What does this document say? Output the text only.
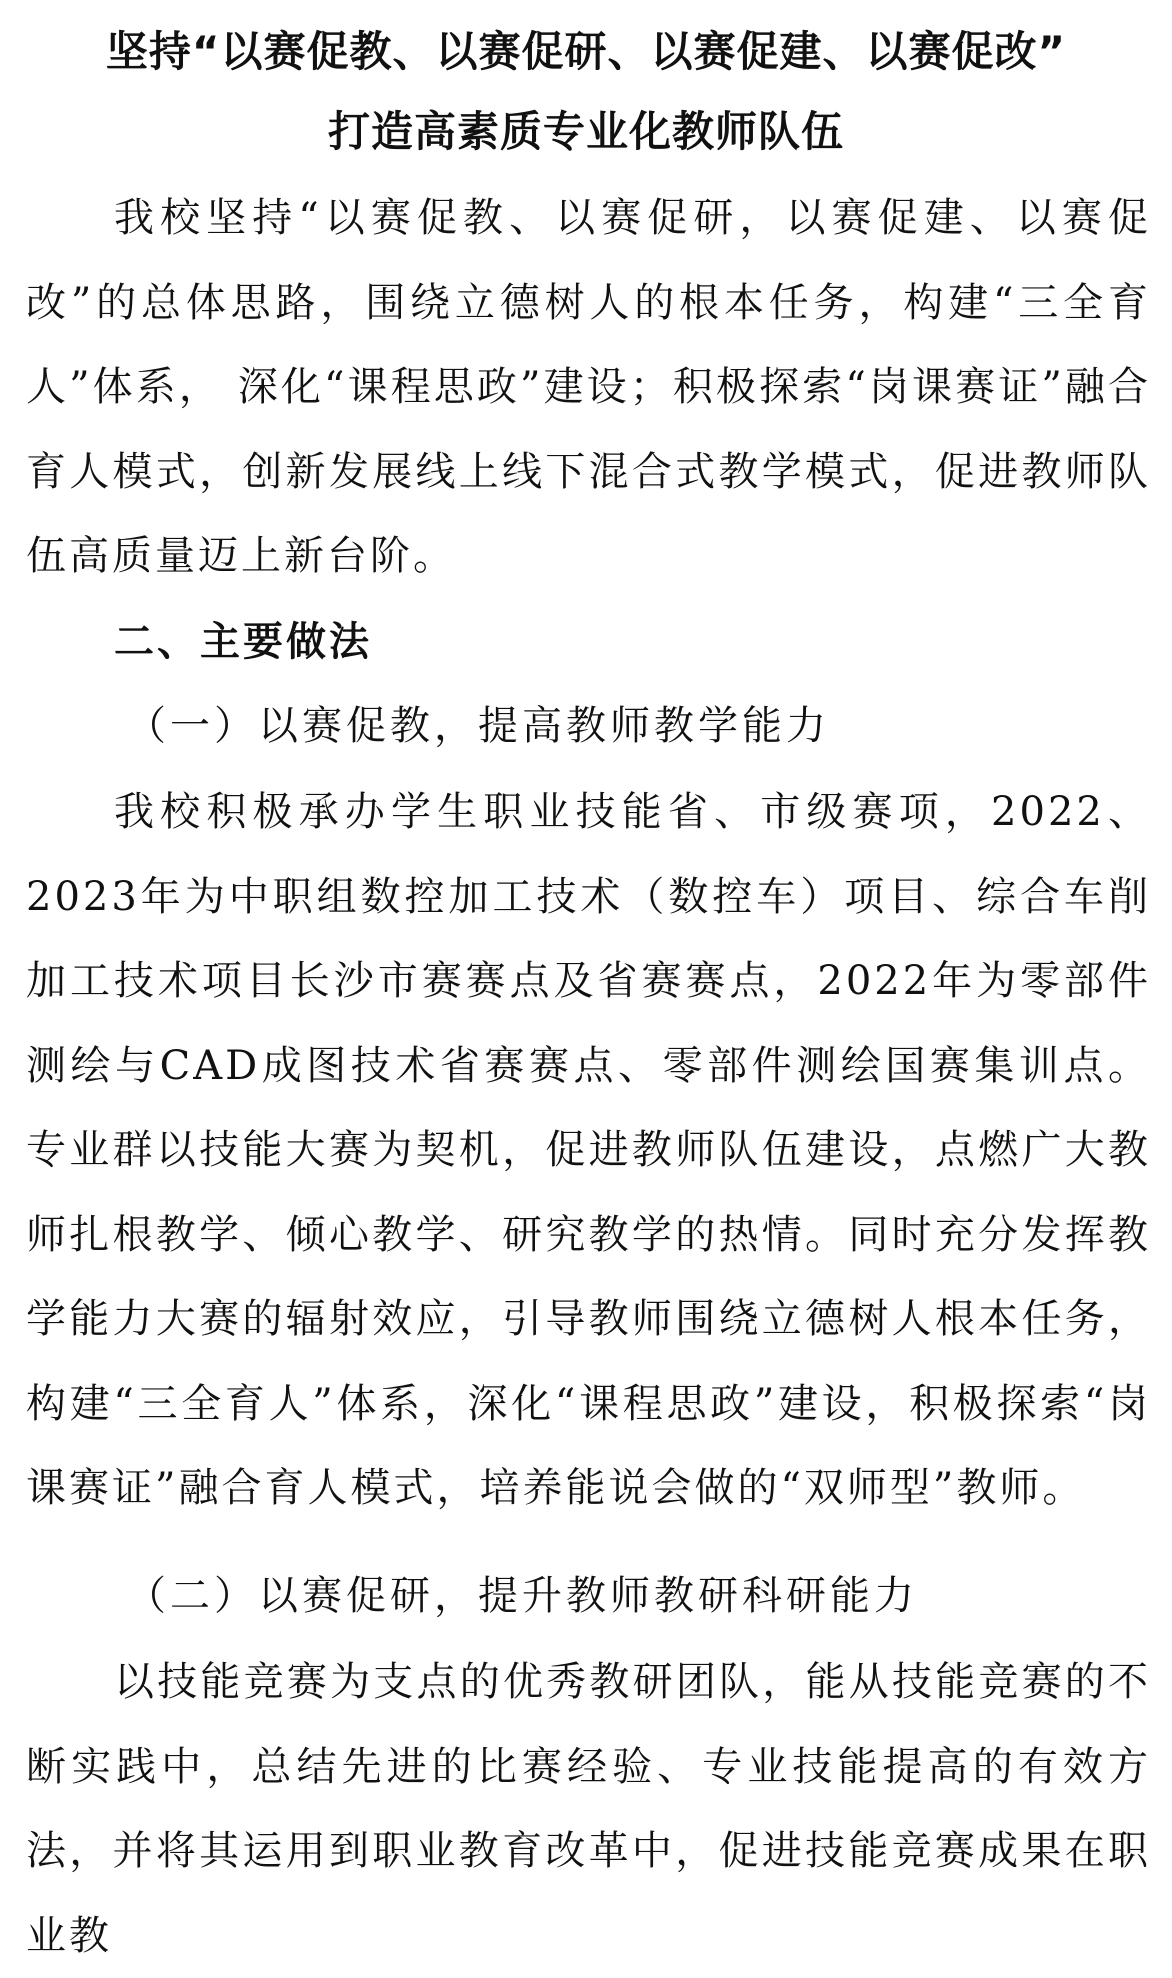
坚持“以赛促教、以赛促研、以赛促建、以赛促改”
打造高素质专业化教师队伍

我校坚持“以赛促教、以赛促研，以赛促建、以赛促改”的总体思路，围绕立德树人的根本任务，构建“三全育人”体系， 深化“课程思政”建设；积极探索“岗课赛证”融合育人模式，创新发展线上线下混合式教学模式，促进教师队伍高质量迈上新台阶。

二、主要做法
（一）以赛促教，提高教师教学能力

我校积极承办学生职业技能省、市级赛项，2022、2023年为中职组数控加工技术（数控车）项目、综合车削加工技术项目长沙市赛赛点及省赛赛点，2022年为零部件测绘与CAD成图技术省赛赛点、零部件测绘国赛集训点。专业群以技能大赛为契机，促进教师队伍建设，点燃广大教师扎根教学、倾心教学、研究教学的热情。同时充分发挥教学能力大赛的辐射效应，引导教师围绕立德树人根本任务，构建“三全育人”体系，深化“课程思政”建设，积极探索“岗课赛证”融合育人模式，培养能说会做的“双师型”教师。

（二）以赛促研，提升教师教研科研能力

以技能竞赛为支点的优秀教研团队，能从技能竞赛的不断实践中，总结先进的比赛经验、专业技能提高的有效方法，并将其运用到职业教育改革中，促进技能竞赛成果在职业教
